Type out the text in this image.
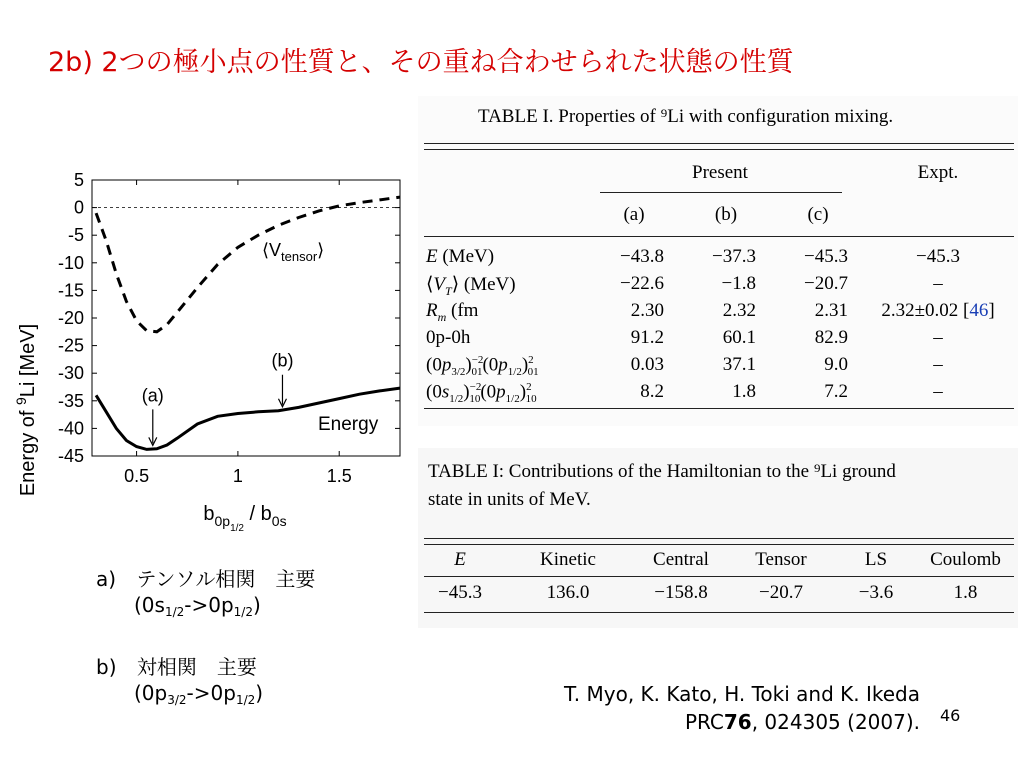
2b) 2つの極小点の性質と、その重ね合わせられた状態の性質
5
0
-5
-10
-15
-20
-25
-30
-35
-40
-45
0.5	1	1.5
$⟨V_{tensor}⟩$
Energy
(a)
(b)
Energy of $^9$Li [MeV]
$b_{0p1/2} / b_{0s}$
TABLE I. Properties of ⁹Li with configuration mixing.
Present	Expt.
(a)	(b)	(c)
E (MeV)	−43.8	−37.3	−45.3	−45.3
$⟨V_T⟩$ (MeV)	−22.6	−1.8	−20.7	–
$R_m$ (fm	2.30	2.32	2.31	2.32±0.02 [46]
0p-0h	91.2	60.1	82.9	–
$(0p_{3/2})^{-2}_{01}(0p_{1/2})^2_{01}$	0.03	37.1	9.0	–
$(0s_{1/2})^{-2}_{10}(0p_{1/2})^2_{10}$	8.2	1.8	7.2	–
TABLE I: Contributions of the Hamiltonian to the ⁹Li ground
state in units of MeV.
E	Kinetic	Central	Tensor	LS	Coulomb
−45.3	136.0	−158.8	−20.7	−3.6	1.8
a) テンソル相関　主要
$(0s_{1/2}->0p_{1/2})$
b) 対相関　主要
$(0p_{3/2}->0p_{1/2})$	T. Myo, K. Kato, H. Toki and K. Ikeda
PRC76, 024305 (2007). 46
